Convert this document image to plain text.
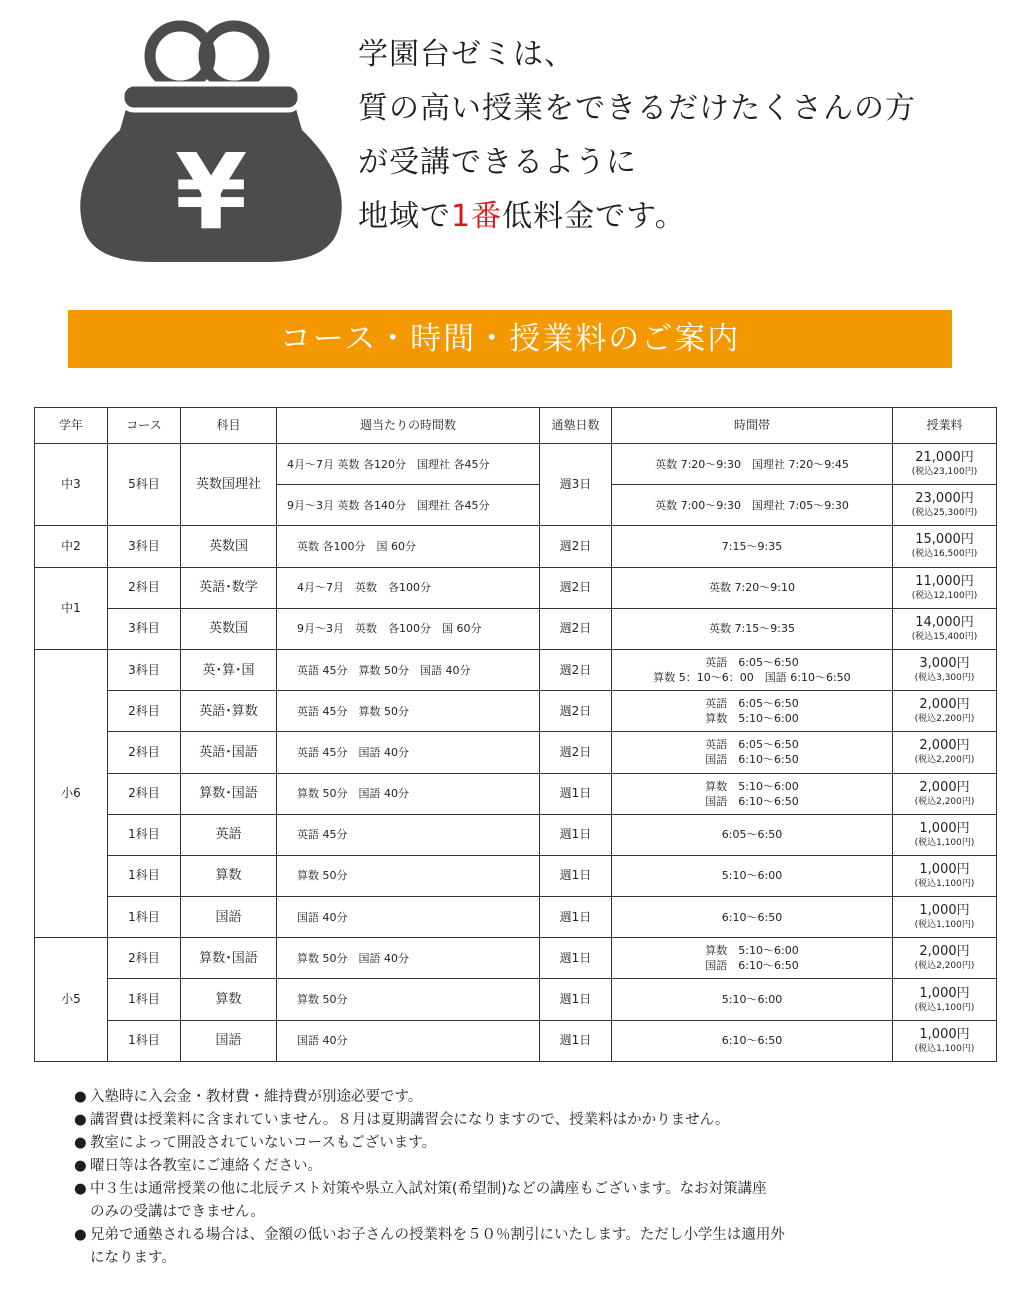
¥
学園台ゼミは、
質の高い授業をできるだけたくさんの方
が受講できるように
地域で1番低料金です。
コース・時間・授業料のご案内
学年	コース	科目	週当たりの時間数	通塾日数	時間帯	授業料
中3	5科目	英数国理社	4月～7月 英数 各120分　国理社 各45分	週3日	英数 7:20～9:30　国理社 7:20～9:45	21,000円
(税込23,100円)

			9月～3月 英数 各140分　国理社 各45分		英数 7:00～9:30　国理社 7:05～9:30	23,000円
(税込25,300円)

中2	3科目	英数国	英数 各100分　国 60分	週2日	7:15～9:35	15,000円
(税込16,500円)

中1	2科目	英語･数学	4月～7月　英数　各100分	週2日	英数 7:20～9:10	11,000円
(税込12,100円)

	3科目	英数国	9月～3月　英数　各100分　国 60分	週2日	英数 7:15～9:35	14,000円
(税込15,400円)

小6	3科目	英･算･国	英語 45分　算数 50分　国語 40分	週2日	英語　6:05～6:50
算数 5：10～6：00　国語 6:10～6:50	3,000円
(税込3,300円)

	2科目	英語･算数	英語 45分　算数 50分	週2日	英語　6:05～6:50
算数　5:10～6:00	2,000円
(税込2,200円)

	2科目	英語･国語	英語 45分　国語 40分	週2日	英語　6:05～6:50
国語　6:10～6:50	2,000円
(税込2,200円)

	2科目	算数･国語	算数 50分　国語 40分	週1日	算数　5:10～6:00
国語　6:10～6:50	2,000円
(税込2,200円)

	1科目	英語	英語 45分	週1日	6:05～6:50	1,000円
(税込1,100円)

	1科目	算数	算数 50分	週1日	5:10～6:00	1,000円
(税込1,100円)

	1科目	国語	国語 40分	週1日	6:10～6:50	1,000円
(税込1,100円)

小5	2科目	算数･国語	算数 50分　国語 40分	週1日	算数　5:10～6:00
国語　6:10～6:50	2,000円
(税込2,200円)

	1科目	算数	算数 50分	週1日	5:10～6:00	1,000円
(税込1,100円)

	1科目	国語	国語 40分	週1日	6:10～6:50	1,000円
(税込1,100円)
● 入塾時に入会金・教材費・維持費が別途必要です。
● 講習費は授業料に含まれていません。８月は夏期講習会になりますので、授業料はかかりません。
● 教室によって開設されていないコースもございます。
● 曜日等は各教室にご連絡ください。
● 中３生は通常授業の他に北辰テスト対策や県立入試対策(希望制)などの講座もございます。なお対策講座
のみの受講はできません。
● 兄弟で通塾される場合は、金額の低いお子さんの授業料を５０％割引にいたします。ただし小学生は適用外
になります。
